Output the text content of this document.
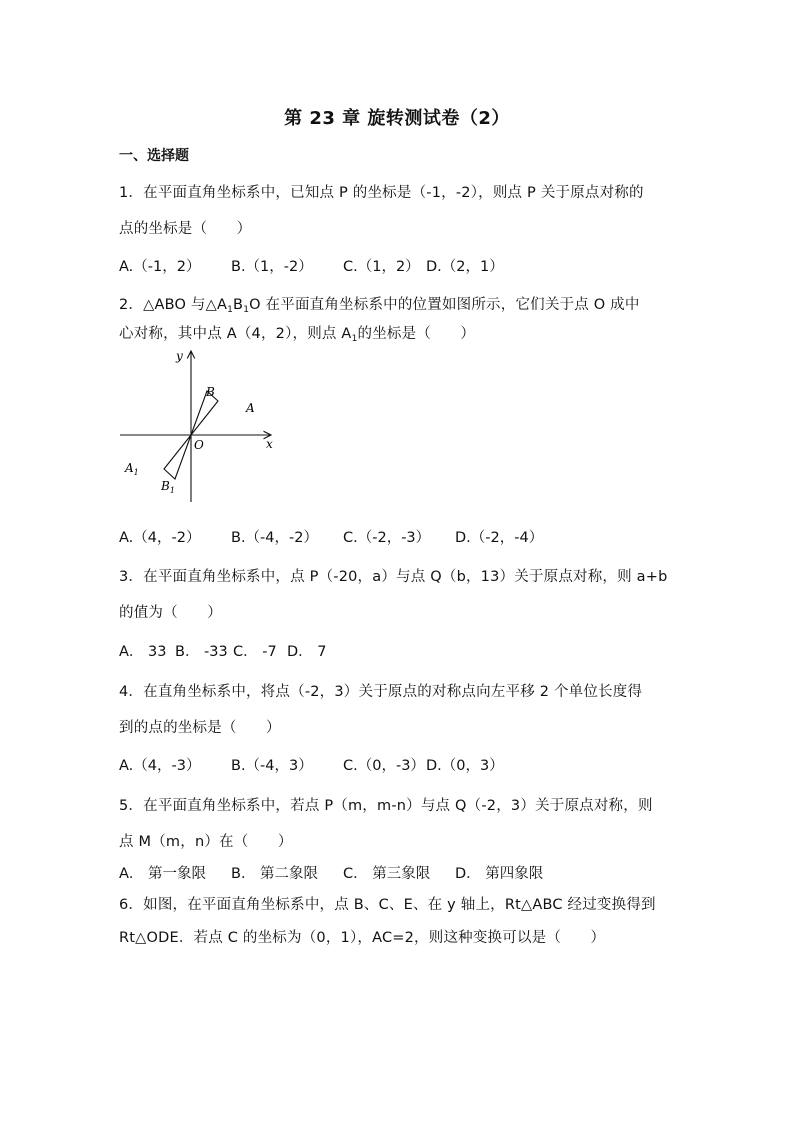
第 23 章 旋转测试卷（2）
一、选择题
1．在平面直角坐标系中，已知点 P 的坐标是（-1，-2），则点 P 关于原点对称的
点的坐标是（　　）
A.（-1，2） B.（1，-2） C.（1，2） D.（2，1）
2．△ABO 与$\triangle A_1B_1O$ 在平面直角坐标系中的位置如图所示，它们关于点 O 成中
心对称，其中点 A（4，2），则点 $A_1$的坐标是（　　）
y
x
O
B
A
$A_1$
$B_1$
A.（4，-2） B.（-4，-2） C.（-2，-3） D.（-2，-4）
3．在平面直角坐标系中，点 P（-20，a）与点 Q（b，13）关于原点对称，则 a+b
的值为（　　）
A． 33 B． -33 C． -7 D． 7
4．在直角坐标系中，将点（-2，3）关于原点的对称点向左平移 2 个单位长度得
到的点的坐标是（　　）
A.（4，-3） B.（-4，3） C.（0，-3） D.（0，3）
5．在平面直角坐标系中，若点 P（m，m-n）与点 Q（-2，3）关于原点对称，则
点 M（m，n）在（　　）
A． 第一象限 B． 第二象限 C． 第三象限 D． 第四象限
6．如图，在平面直角坐标系中，点 B、C、E、在 y 轴上，Rt△ABC 经过变换得到
Rt△ODE．若点 C 的坐标为（0，1），AC=2，则这种变换可以是（　　）
